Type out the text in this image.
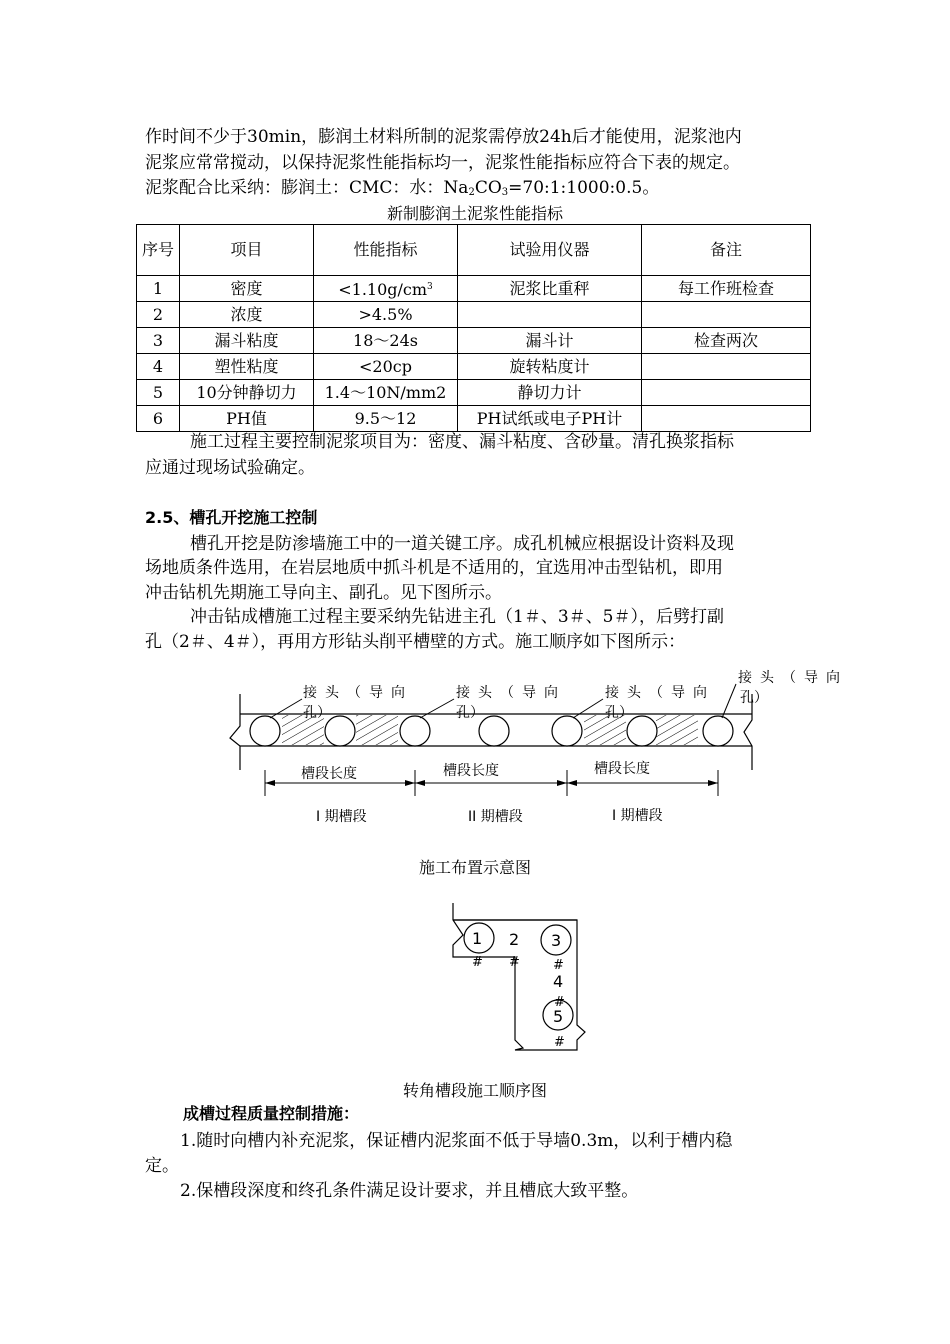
作时间不少于30min，膨润土材料所制的泥浆需停放24h后才能使用，泥浆池内
泥浆应常常搅动，以保持泥浆性能指标均一，泥浆性能指标应符合下表的规定。
泥浆配合比采纳：膨润土：CMC：水：$Na_2CO_3=70:1:1000:0.5$。
新制膨润土泥浆性能指标
序号	项目	性能指标	试验用仪器	备注
1	密度	$<1.10g/cm^3$	泥浆比重秤	每工作班检查
2	浓度	>4.5%		
3	漏斗粘度	18～24s	漏斗计	检查两次
4	塑性粘度	<20cp	旋转粘度计	
5	10分钟静切力	1.4～10N/mm2	静切力计	
6	PH值	9.5～12	PH试纸或电子PH计	
施工过程主要控制泥浆项目为：密度、漏斗粘度、含砂量。清孔换浆指标
应通过现场试验确定。
2.5、槽孔开挖施工控制
槽孔开挖是防渗墙施工中的一道关键工序。成孔机械应根据设计资料及现
场地质条件选用，在岩层地质中抓斗机是不适用的，宜选用冲击型钻机，即用
冲击钻机先期施工导向主、副孔。见下图所示。
冲击钻成槽施工过程主要采纳先钻进主孔（1＃、3＃、5＃），后劈打副
孔（2＃、4＃），再用方形钻头削平槽壁的方式。施工顺序如下图所示：
接头（导向
孔）
接头（导向
孔）
接头（导向
孔）
接头（导向
孔）
槽段长度	槽段长度	槽段长度
I 期槽段	II 期槽段	I 期槽段
施工布置示意图
1 2 3
4
5
# #	#
#
#
转角槽段施工顺序图
成槽过程质量控制措施：
1.随时向槽内补充泥浆，保证槽内泥浆面不低于导墙0.3m，以利于槽内稳
定。
2.保槽段深度和终孔条件满足设计要求，并且槽底大致平整。
